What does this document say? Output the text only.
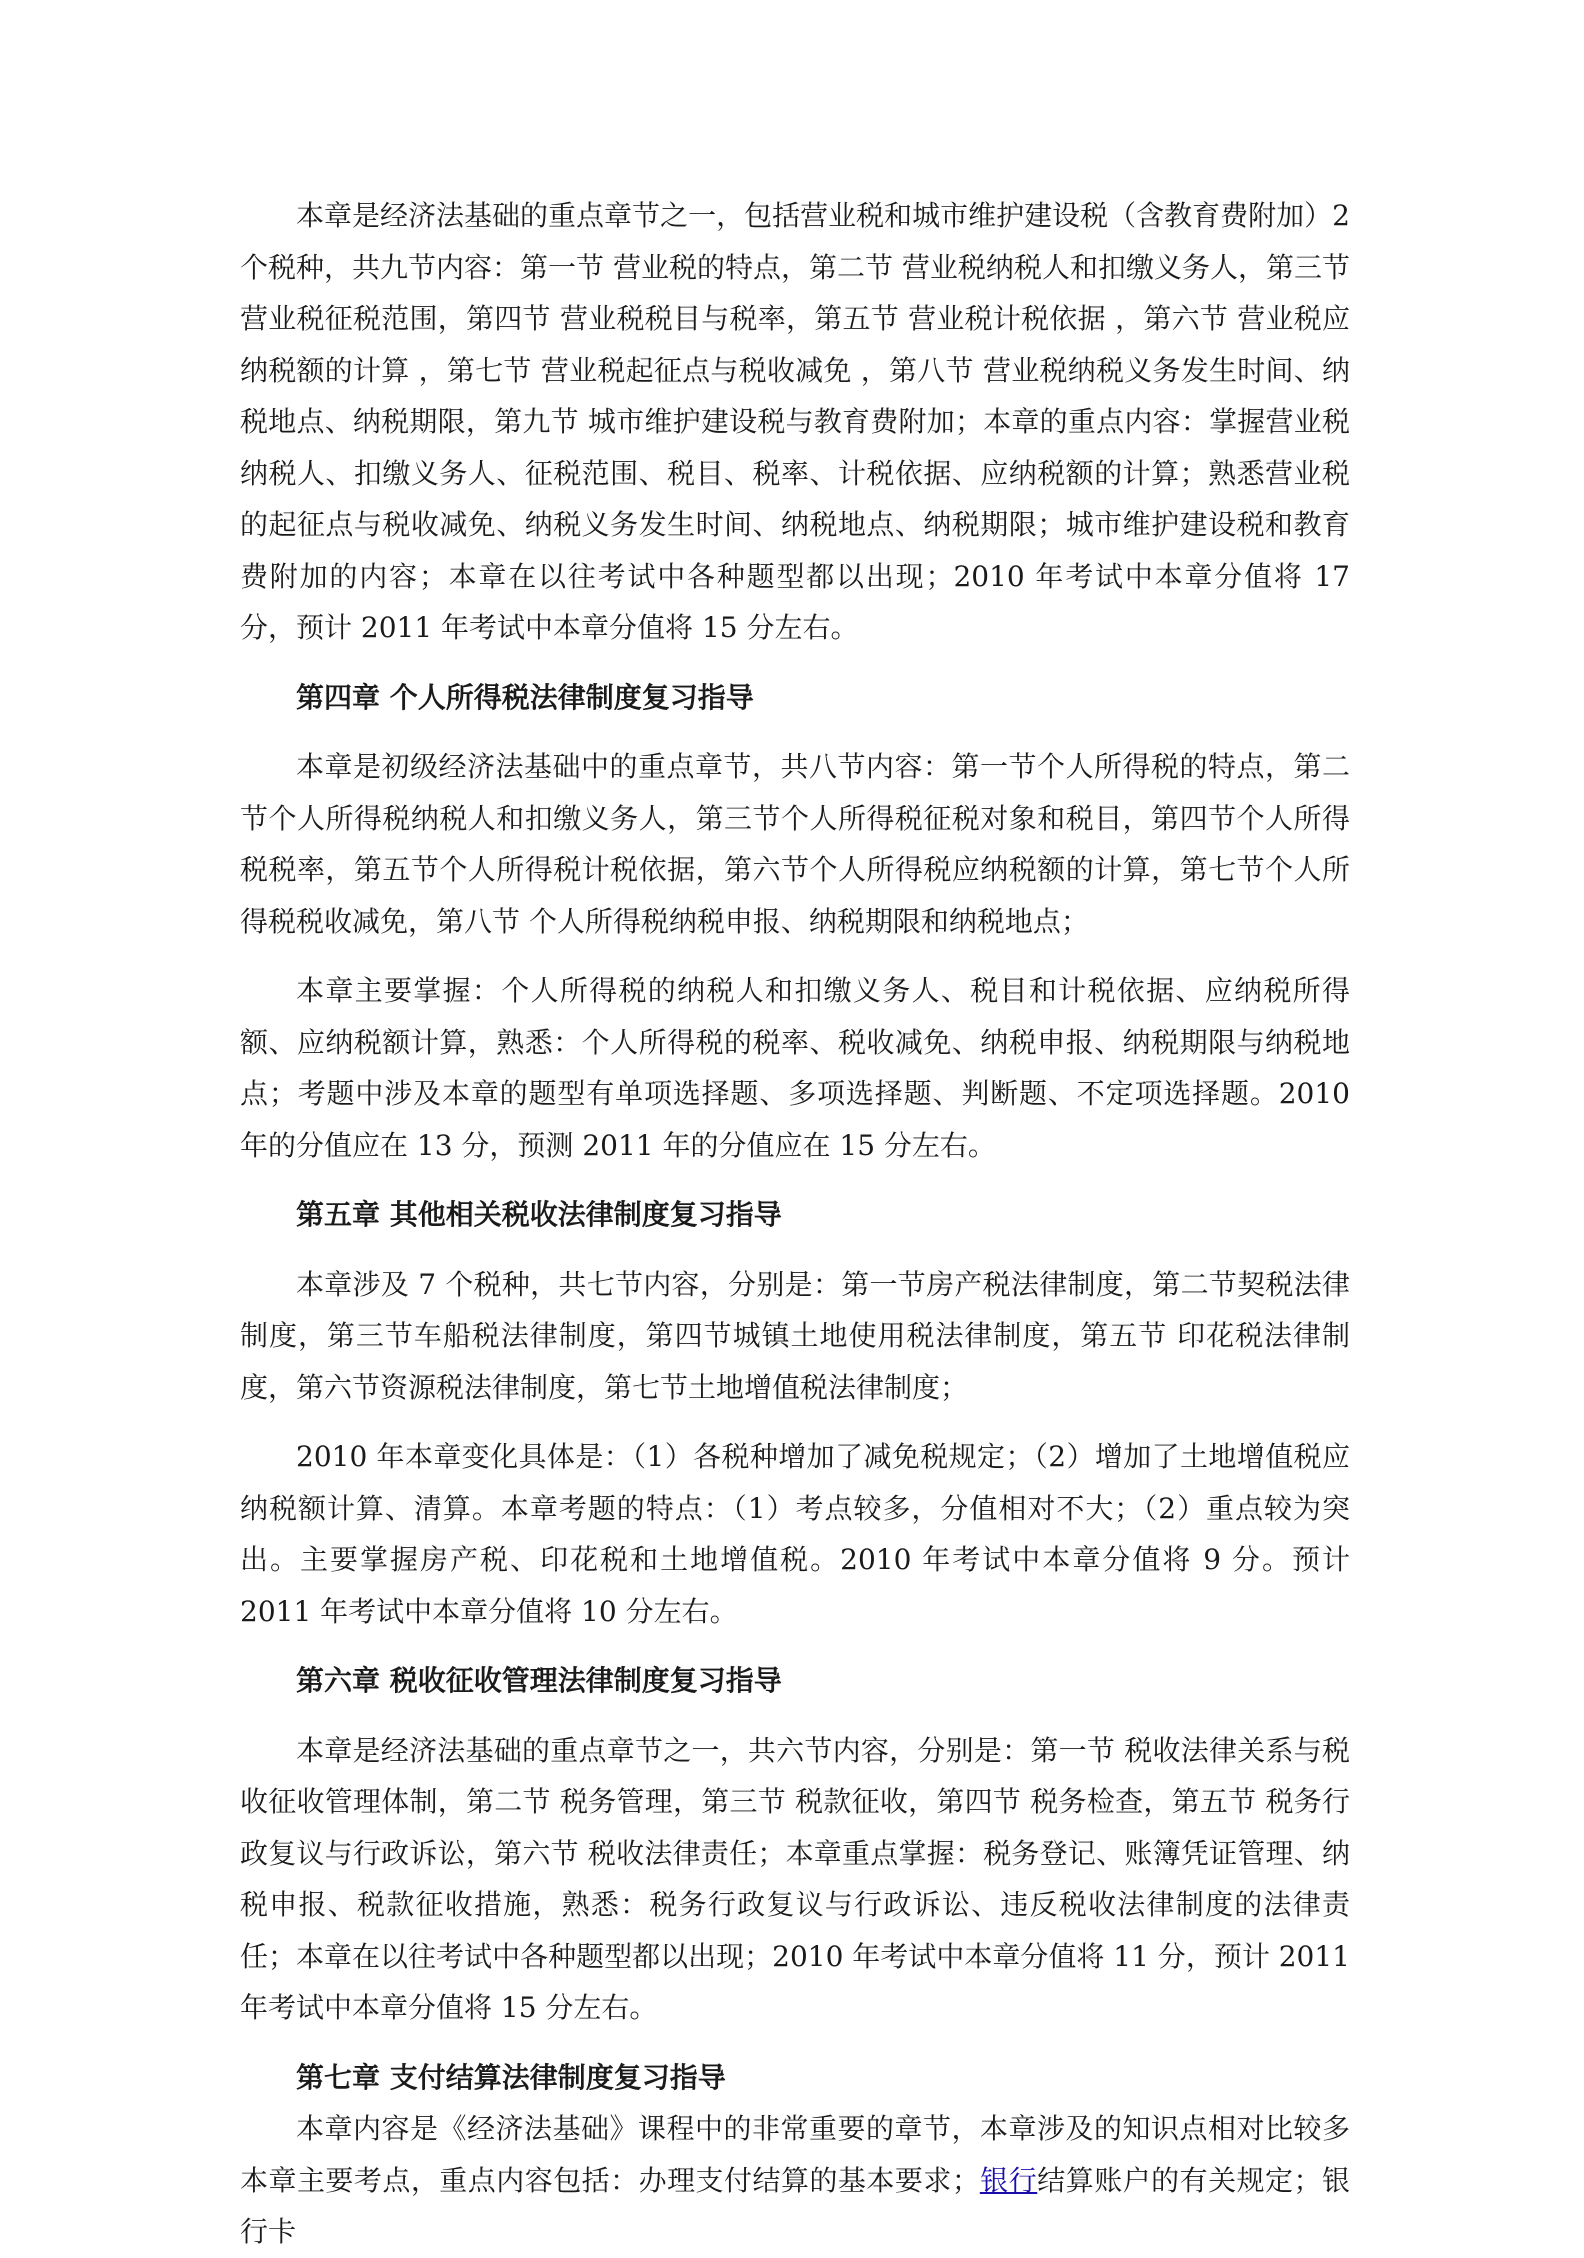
本章是经济法基础的重点章节之一，包括营业税和城市维护建设税（含教育费附加）2个税种，共九节内容：第一节 营业税的特点，第二节 营业税纳税人和扣缴义务人，第三节 营业税征税范围，第四节 营业税税目与税率，第五节 营业税计税依据 ，第六节 营业税应纳税额的计算 ，第七节 营业税起征点与税收减免 ，第八节 营业税纳税义务发生时间、纳税地点、纳税期限，第九节 城市维护建设税与教育费附加；本章的重点内容：掌握营业税纳税人、扣缴义务人、征税范围、税目、税率、计税依据、应纳税额的计算；熟悉营业税的起征点与税收减免、纳税义务发生时间、纳税地点、纳税期限；城市维护建设税和教育费附加的内容；本章在以往考试中各种题型都以出现；2010 年考试中本章分值将 17 分，预计 2011 年考试中本章分值将 15 分左右。

第四章 个人所得税法律制度复习指导

本章是初级经济法基础中的重点章节，共八节内容：第一节个人所得税的特点，第二节个人所得税纳税人和扣缴义务人，第三节个人所得税征税对象和税目，第四节个人所得税税率，第五节个人所得税计税依据，第六节个人所得税应纳税额的计算，第七节个人所得税税收减免，第八节 个人所得税纳税申报、纳税期限和纳税地点；

本章主要掌握：个人所得税的纳税人和扣缴义务人、税目和计税依据、应纳税所得额、应纳税额计算，熟悉：个人所得税的税率、税收减免、纳税申报、纳税期限与纳税地点；考题中涉及本章的题型有单项选择题、多项选择题、判断题、不定项选择题。2010 年的分值应在 13 分，预测 2011 年的分值应在 15 分左右。

第五章 其他相关税收法律制度复习指导

本章涉及 7 个税种，共七节内容，分别是：第一节房产税法律制度，第二节契税法律制度，第三节车船税法律制度，第四节城镇土地使用税法律制度，第五节 印花税法律制度，第六节资源税法律制度，第七节土地增值税法律制度；

2010 年本章变化具体是：（1）各税种增加了减免税规定；（2）增加了土地增值税应纳税额计算、清算。本章考题的特点：（1）考点较多，分值相对不大；（2）重点较为突出。主要掌握房产税、印花税和土地增值税。2010 年考试中本章分值将 9 分。预计 2011 年考试中本章分值将 10 分左右。

第六章 税收征收管理法律制度复习指导

本章是经济法基础的重点章节之一，共六节内容，分别是：第一节 税收法律关系与税收征收管理体制，第二节 税务管理，第三节 税款征收，第四节 税务检查，第五节 税务行政复议与行政诉讼，第六节 税收法律责任；本章重点掌握：税务登记、账簿凭证管理、纳税申报、税款征收措施，熟悉：税务行政复议与行政诉讼、违反税收法律制度的法律责任；本章在以往考试中各种题型都以出现；2010 年考试中本章分值将 11 分，预计 2011 年考试中本章分值将 15 分左右。

第七章 支付结算法律制度复习指导

本章内容是《经济法基础》课程中的非常重要的章节，本章涉及的知识点相对比较多本章主要考点，重点内容包括：办理支付结算的基本要求；银行结算账户的有关规定；银行卡
